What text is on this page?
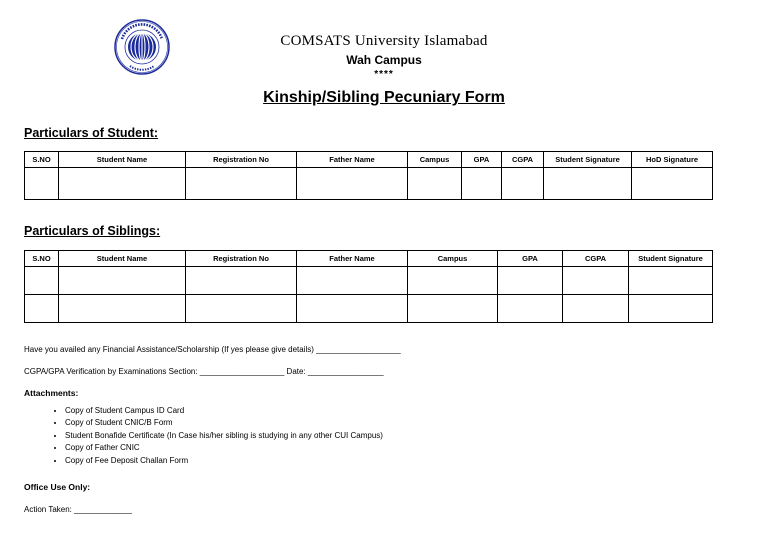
COMSATS University Islamabad
Wah Campus
****
Kinship/Sibling Pecuniary Form
Particulars of Student:
S.NO	Student Name	Registration No	Father Name	Campus	GPA	CGPA	Student Signature	HoD Signature

Particulars of Siblings:
S.NO	Student Name	Registration No	Father Name	Campus	GPA	CGPA	Student Signature

Have you availed any Financial Assistance/Scholarship (If yes please give details) ___________________
CGPA/GPA Verification by Examinations Section: ___________________ Date: _________________
Attachments:
• Copy of Student Campus ID Card
• Copy of Student CNIC/B Form
• Student Bonafide Certificate (In Case his/her sibling is studying in any other CUI Campus)
• Copy of Father CNIC
• Copy of Fee Deposit Challan Form
Office Use Only:
Action Taken: _____________
